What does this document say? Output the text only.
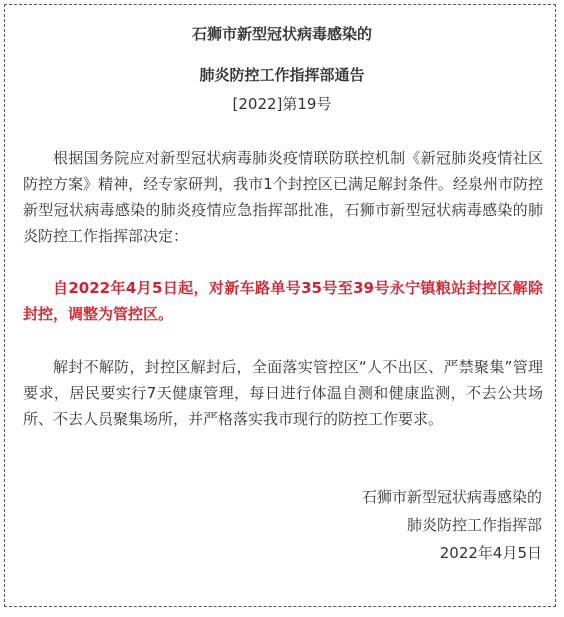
石狮市新型冠状病毒感染的
肺炎防控工作指挥部通告
[2022]第19号

根据国务院应对新型冠状病毒肺炎疫情联防联控机制《新冠肺炎疫情社区防控方案》精神，经专家研判，我市1个封控区已满足解封条件。经泉州市防控新型冠状病毒感染的肺炎疫情应急指挥部批准，石狮市新型冠状病毒感染的肺炎防控工作指挥部决定：

自2022年4月5日起，对新车路单号35号至39号永宁镇粮站封控区解除封控，调整为管控区。

解封不解防，封控区解封后，全面落实管控区“人不出区、严禁聚集”管理要求，居民要实行7天健康管理，每日进行体温自测和健康监测，不去公共场所、不去人员聚集场所，并严格落实我市现行的防控工作要求。

石狮市新型冠状病毒感染的
肺炎防控工作指挥部
2022年4月5日
